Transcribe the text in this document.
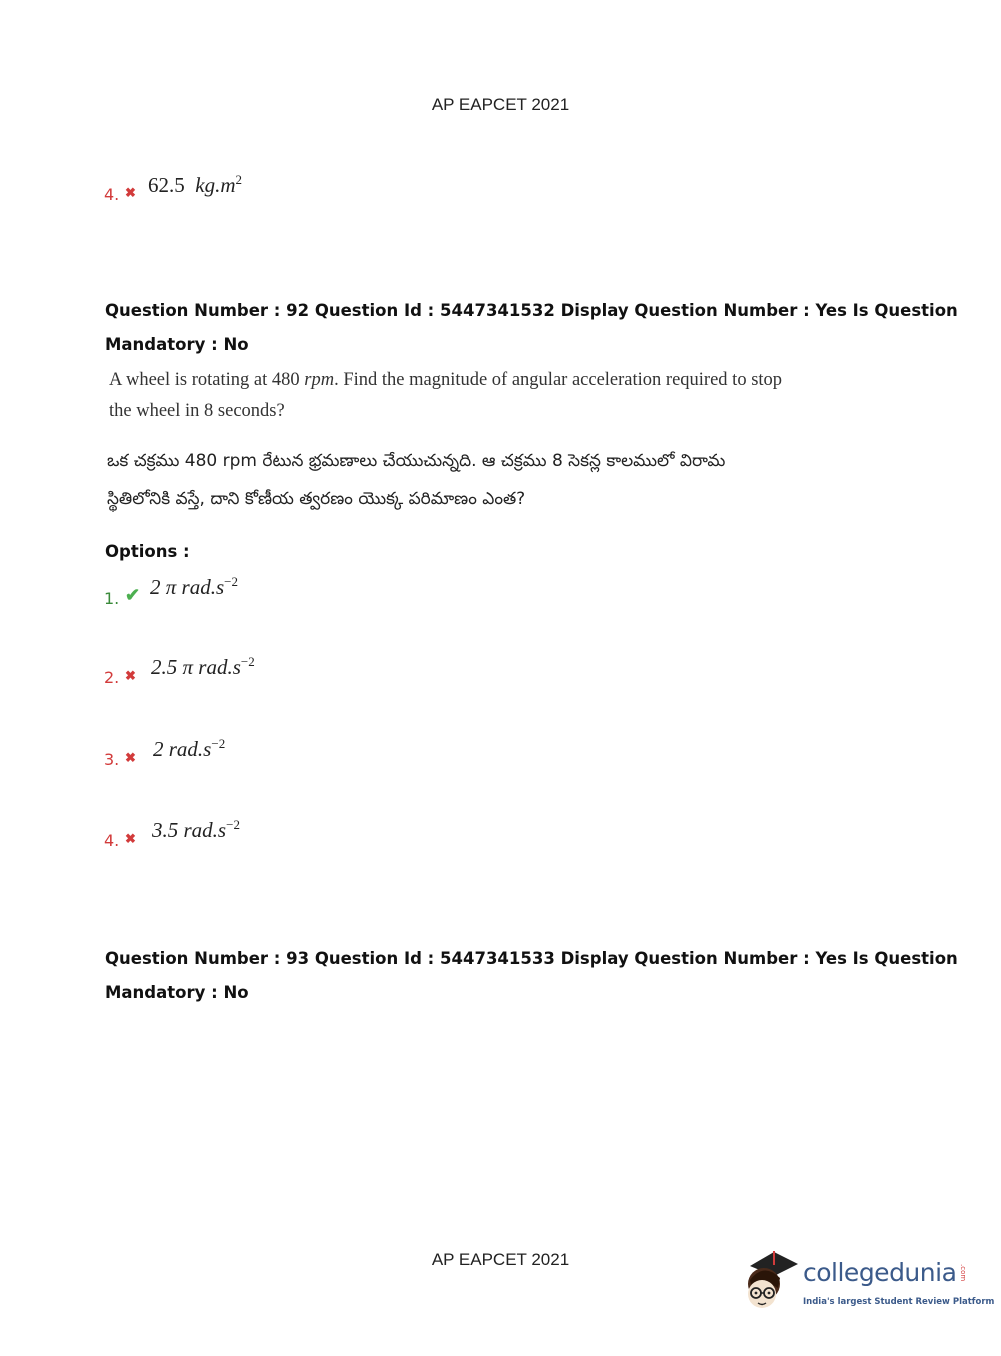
AP EAPCET 2021
4. ✖ 62.5 $kg.m^2$
Question Number : 92 Question Id : 5447341532 Display Question Number : Yes Is Question
Mandatory : No
A wheel is rotating at 480 rpm. Find the magnitude of angular acceleration required to stop
the wheel in 8 seconds?
ఒక చక్రము 480 rpm రేటున భ్రమణాలు చేయుచున్నది. ఆ చక్రము 8 సెకన్ల కాలములో విరామ
స్థితిలోనికి వస్తే, దాని కోణీయ త్వరణం యొక్క పరిమాణం ఎంత?
Options :
1. ✔ 2 π $rad.s^{-2}$
2. ✖ 2.5 π $rad.s^{-2}$
3. ✖ 2 $rad.s^{-2}$
4. ✖ 3.5 $rad.s^{-2}$
Question Number : 93 Question Id : 5447341533 Display Question Number : Yes Is Question
Mandatory : No
AP EAPCET 2021	collegedunia .com
India's largest Student Review Platform
